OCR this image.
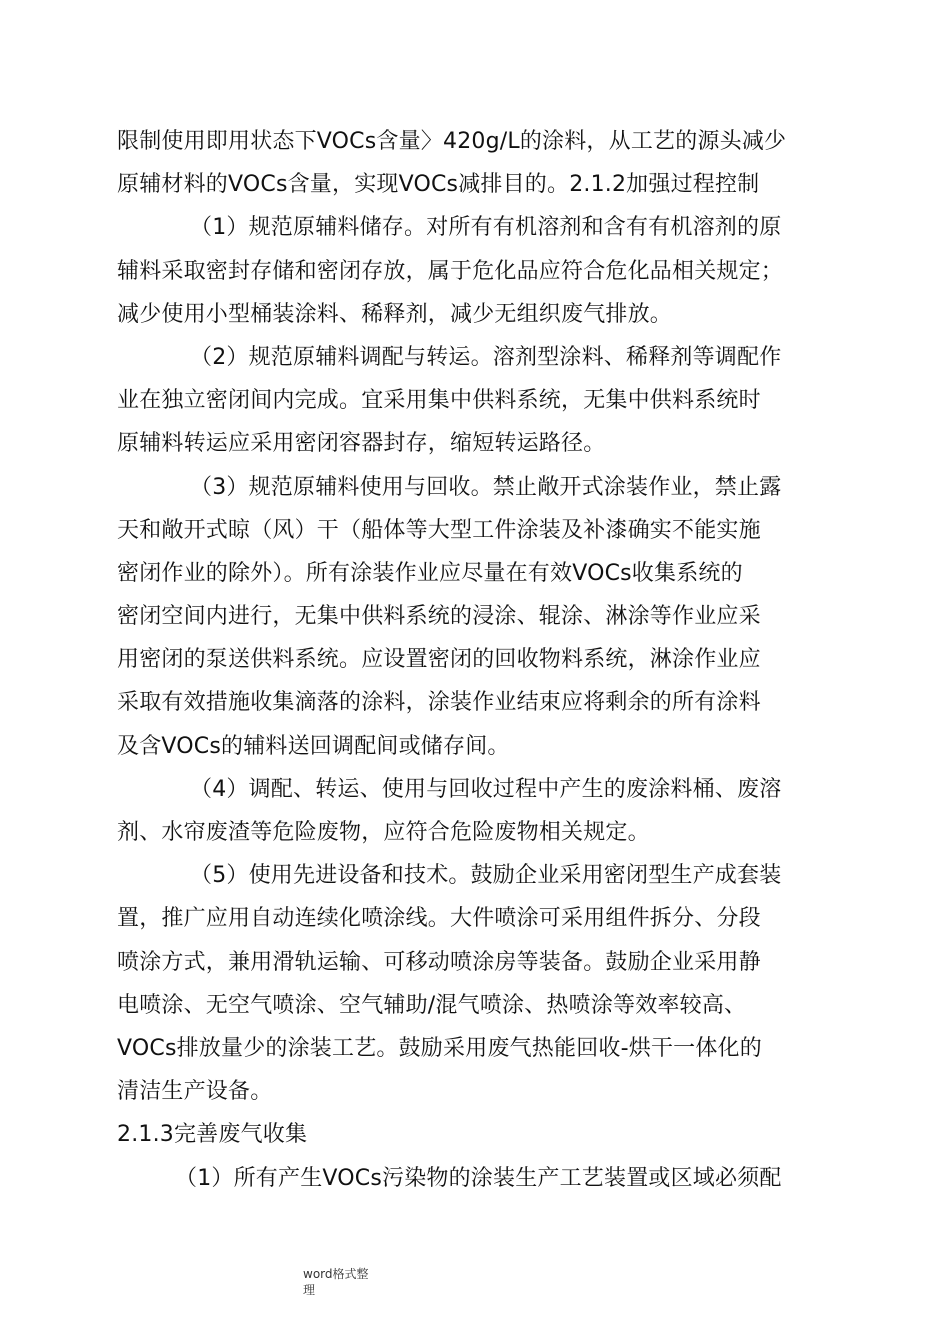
限制使用即用状态下VOCs含量〉420g/L的涂料，从工艺的源头减少
原辅材料的VOCs含量，实现VOCs减排目的。2.1.2加强过程控制
（1）规范原辅料储存。对所有有机溶剂和含有有机溶剂的原
辅料采取密封存储和密闭存放，属于危化品应符合危化品相关规定；
减少使用小型桶装涂料、稀释剂，减少无组织废气排放。
（2）规范原辅料调配与转运。溶剂型涂料、稀释剂等调配作
业在独立密闭间内完成。宜采用集中供料系统，无集中供料系统时
原辅料转运应采用密闭容器封存，缩短转运路径。
（3）规范原辅料使用与回收。禁止敞开式涂装作业，禁止露
天和敞开式晾（风）干（船体等大型工件涂装及补漆确实不能实施
密闭作业的除外）。所有涂装作业应尽量在有效VOCs收集系统的
密闭空间内进行，无集中供料系统的浸涂、辊涂、淋涂等作业应采
用密闭的泵送供料系统。应设置密闭的回收物料系统，淋涂作业应
采取有效措施收集滴落的涂料，涂装作业结束应将剩余的所有涂料
及含VOCs的辅料送回调配间或储存间。
（4）调配、转运、使用与回收过程中产生的废涂料桶、废溶
剂、水帘废渣等危险废物，应符合危险废物相关规定。
（5）使用先进设备和技术。鼓励企业采用密闭型生产成套装
置，推广应用自动连续化喷涂线。大件喷涂可采用组件拆分、分段
喷涂方式，兼用滑轨运输、可移动喷涂房等装备。鼓励企业采用静
电喷涂、无空气喷涂、空气辅助/混气喷涂、热喷涂等效率较高、
VOCs排放量少的涂装工艺。鼓励采用废气热能回收-烘干一体化的
清洁生产设备。
2.1.3完善废气收集
（1）所有产生VOCs污染物的涂装生产工艺装置或区域必须配
word格式整
理
